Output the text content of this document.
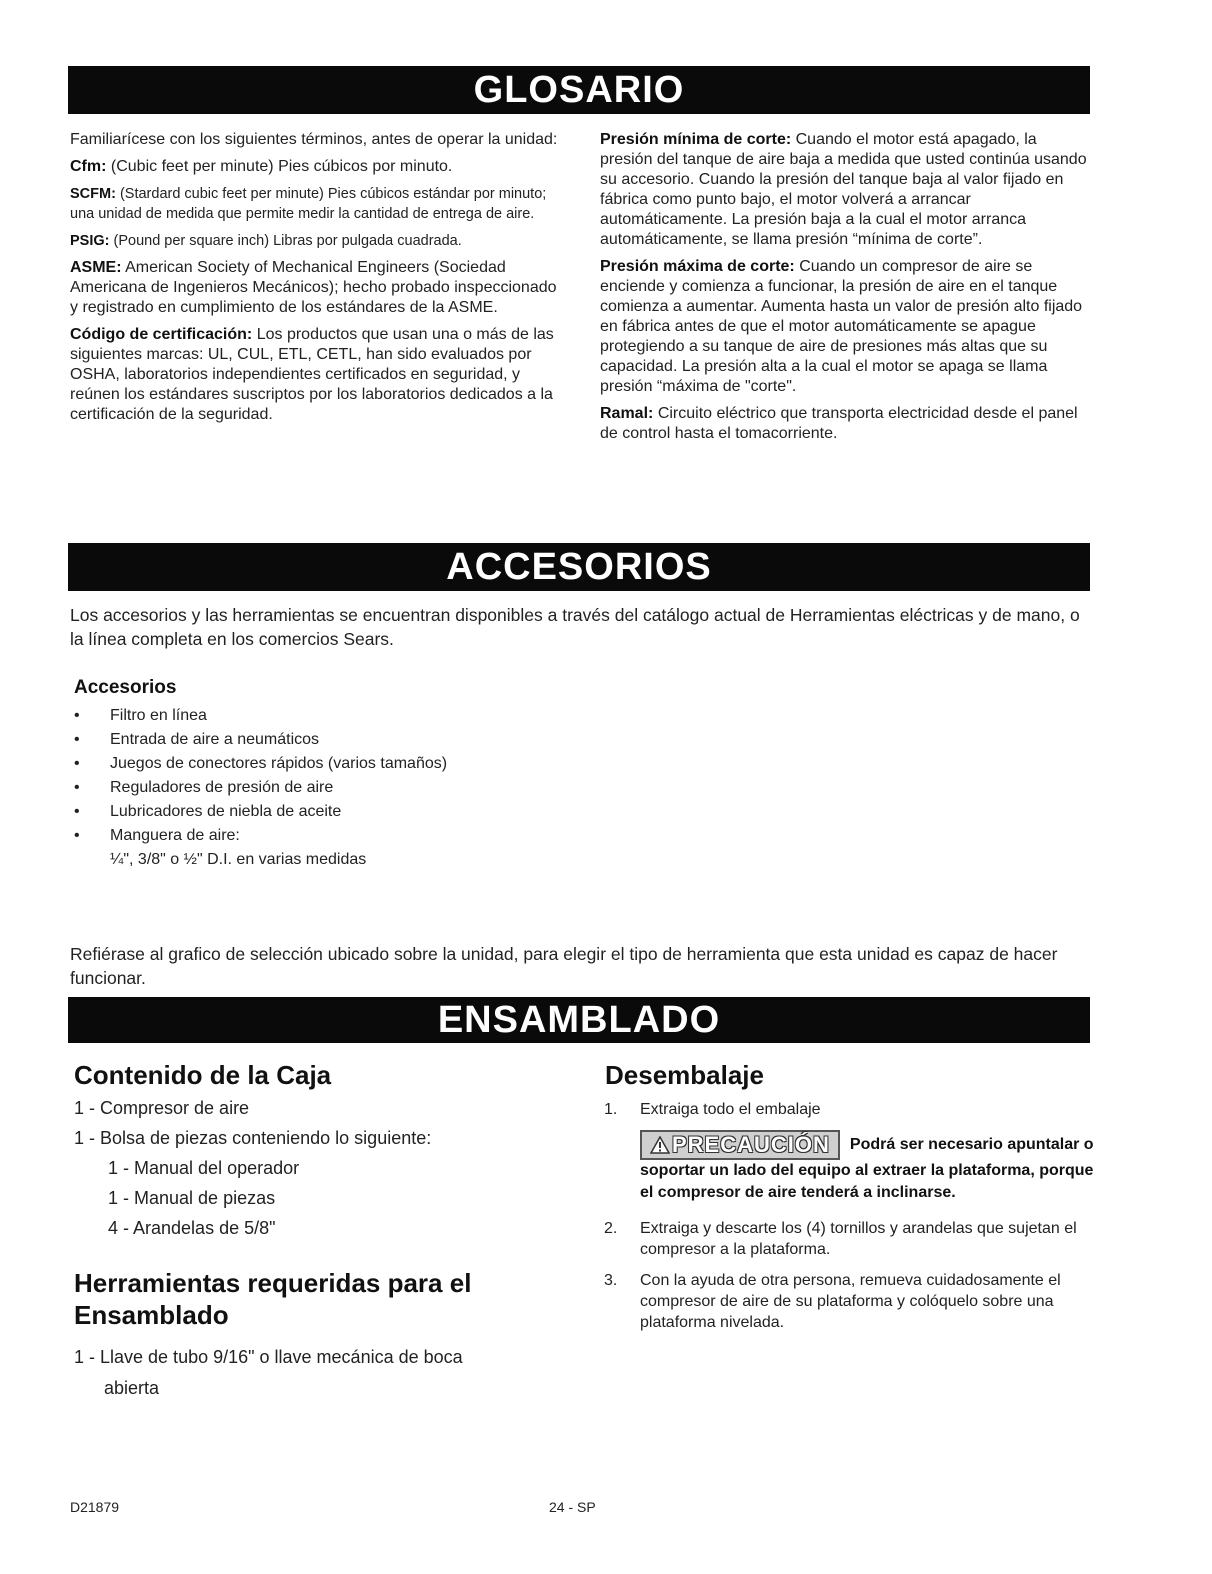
GLOSARIO

Familiarícese con los siguientes términos, antes de operar la unidad:

Cfm: (Cubic feet per minute) Pies cúbicos por minuto.

SCFM: (Stardard cubic feet per minute) Pies cúbicos estándar por minuto; una unidad de medida que permite medir la cantidad de entrega de aire.

PSIG: (Pound per square inch) Libras por pulgada cuadrada.

ASME: American Society of Mechanical Engineers (Sociedad Americana de Ingenieros Mecánicos); hecho probado inspeccionado y registrado en cumplimiento de los estándares de la ASME.

Código de certificación: Los productos que usan una o más de las siguientes marcas: UL, CUL, ETL, CETL, han sido evaluados por OSHA, laboratorios independientes certificados en seguridad, y reúnen los estándares suscriptos por los laboratorios dedicados a la certificación de la seguridad.

Presión mínima de corte: Cuando el motor está apagado, la presión del tanque de aire baja a medida que usted continúa usando su accesorio. Cuando la presión del tanque baja al valor fijado en fábrica como punto bajo, el motor volverá a arrancar automáticamente. La presión baja a la cual el motor arranca automáticamente, se llama presión “mínima de corte”.

Presión máxima de corte: Cuando un compresor de aire se enciende y comienza a funcionar, la presión de aire en el tanque comienza a aumentar. Aumenta hasta un valor de presión alto fijado en fábrica antes de que el motor automáticamente se apague protegiendo a su tanque de aire de presiones más altas que su capacidad. La presión alta a la cual el motor se apaga se llama presión “máxima de "corte".

Ramal: Circuito eléctrico que transporta electricidad desde el panel de control hasta el tomacorriente.

ACCESORIOS
Los accesorios y las herramientas se encuentran disponibles a través del catálogo actual de Herramientas eléctricas y de mano, o la línea completa en los comercios Sears.
Accesorios
• Filtro en línea
• Entrada de aire a neumáticos
• Juegos de conectores rápidos (varios tamaños)
• Reguladores de presión de aire
• Lubricadores de niebla de aceite
• Manguera de aire:
¼", 3/8" o ½" D.I. en varias medidas
Refiérase al grafico de selección ubicado sobre la unidad, para elegir el tipo de herramienta que esta unidad es capaz de hacer funcionar.
ENSAMBLADO
Contenido de la Caja
1 - Compresor de aire
1 - Bolsa de piezas conteniendo lo siguiente:
1 - Manual del operador
1 - Manual de piezas
4 - Arandelas de 5/8"
Herramientas requeridas para el Ensamblado
1 - Llave de tubo 9/16" o llave mecánica de boca
abierta
Desembalaje
1. Extraiga todo el embalaje
PRECAUCIÓN Podrá ser necesario apuntalar o soportar un lado del equipo al extraer la plataforma, porque el compresor de aire tenderá a inclinarse.
2. Extraiga y descarte los (4) tornillos y arandelas que sujetan el compresor a la plataforma.
3. Con la ayuda de otra persona, remueva cuidadosamente el compresor de aire de su plataforma y colóquelo sobre una plataforma nivelada.
D21879	24 - SP
